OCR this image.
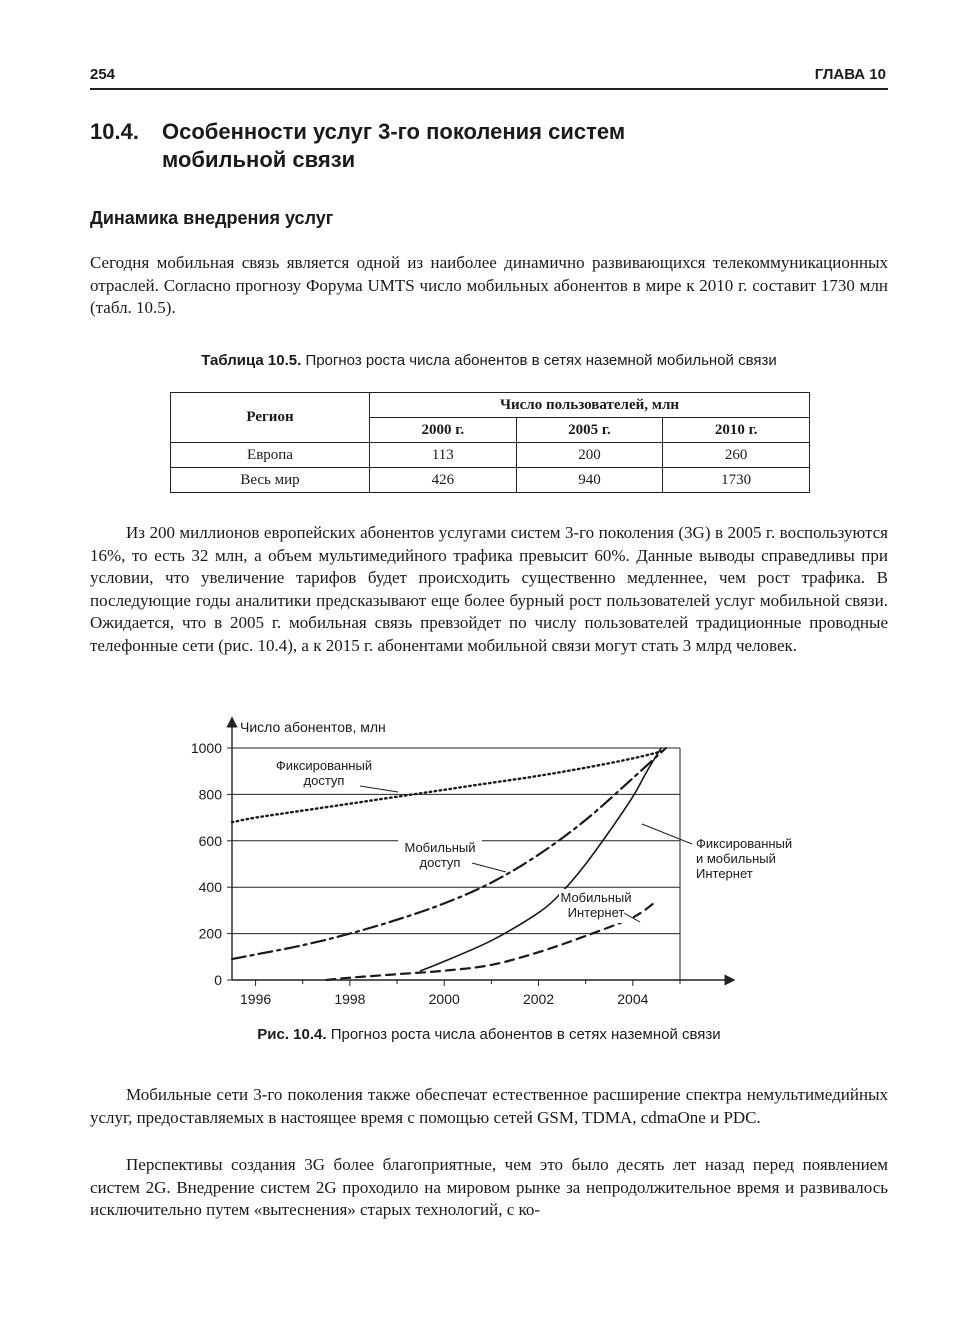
254	ГЛАВА 10
10.4. Особенности услуг 3-го поколения систем мобильной связи
Динамика внедрения услуг

Сегодня мобильная связь является одной из наиболее динамично развивающихся телекоммуникационных отраслей. Согласно прогнозу Форума UMTS число мобильных абонентов в мире к 2010 г. составит 1730 млн (табл. 10.5).

Таблица 10.5. Прогноз роста числа абонентов в сетях наземной мобильной связи
Регион	Число пользователей, млн		
	2000 г.	2005 г.	2010 г.
Европа	113	200	260
Весь мир	426	940	1730

Из 200 миллионов европейских абонентов услугами систем 3-го поколения (3G) в 2005 г. воспользуются 16%, то есть 32 млн, а объем мультимедийного трафика превысит 60%. Данные выводы справедливы при условии, что увеличение тарифов будет происходить существенно медленнее, чем рост трафика. В последующие годы аналитики предсказывают еще более бурный рост пользователей услуг мобильной связи. Ожидается, что в 2005 г. мобильная связь превзойдет по числу пользователей традиционные проводные телефонные сети (рис. 10.4), а к 2015 г. абонентами мобильной связи могут стать 3 млрд человек.

0
200
400
600
800
1000
1996	1998	2000	2002	2004
Число абонентов, млн
Фиксированный
доступ
Мобильный
доступ
Фиксированный
и мобильный
Интернет
Мобильный
Интернет
Рис. 10.4. Прогноз роста числа абонентов в сетях наземной связи

Мобильные сети 3-го поколения также обеспечат естественное расширение спектра немультимедийных услуг, предоставляемых в настоящее время с помощью сетей GSM, TDMA, cdmaOne и PDC.

Перспективы создания 3G более благоприятные, чем это было десять лет назад перед появлением систем 2G. Внедрение систем 2G проходило на мировом рынке за непродолжительное время и развивалось исключительно путем «вытеснения» старых технологий, с ко-
